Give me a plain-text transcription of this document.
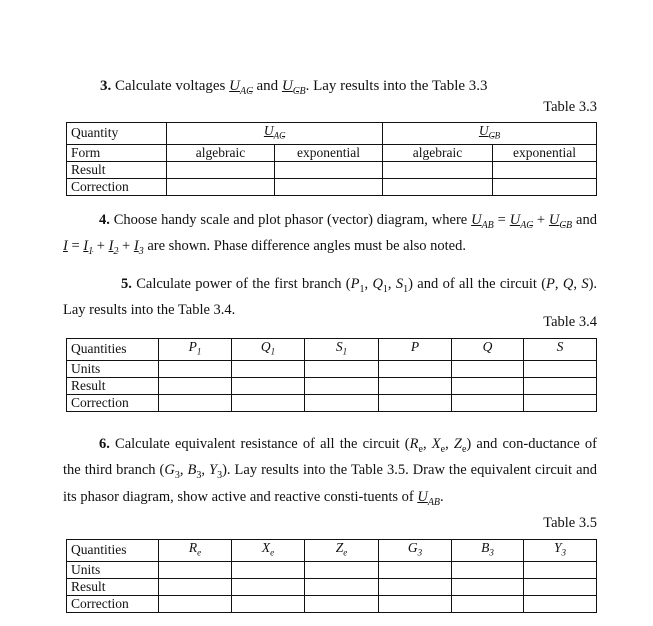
3. Calculate voltages $U_{AC}$ and $U_{CB}$. Lay results into the Table 3.3
Table 3.3
Quantity	$U_{AC}$		$U_{CB}$
Form	algebraic	exponential	algebraic	exponential
Result				
Correction				

4. Choose handy scale and plot phasor (vector) diagram, where $U_{AB} = U_{AC} + U_{CB}$ and $I = I_1 + I_2 + I_3$ are shown. Phase difference angles must be also noted.

5. Calculate power of the first branch ($P_1$, $Q_1$, $S_1$) and of all the circuit (P, Q, S). Lay results into the Table 3.4.

Table 3.4
Quantities	$P_1$	$Q_1$	$S_1$	P	Q	S
Units						
Result						
Correction						

6. Calculate equivalent resistance of all the circuit ($R_e$, $X_e$, $Z_e$) and con-ductance of the third branch ($G_3$, $B_3$, $Y_3$). Lay results into the Table 3.5. Draw the equivalent circuit and its phasor diagram, show active and reactive consti-tuents of $U_{AB}$.

Table 3.5
Quantities	$R_e$	$X_e$	$Z_e$	$G_3$	$B_3$	$Y_3$
Units						
Result						
Correction						
